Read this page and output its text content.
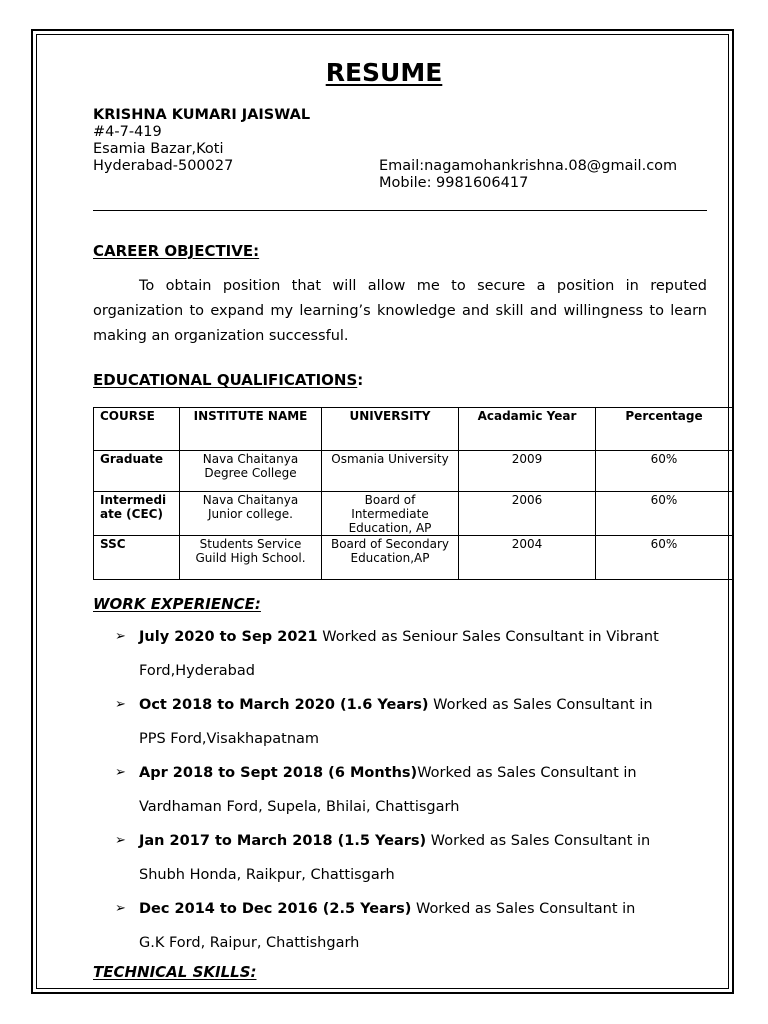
RESUME
KRISHNA KUMARI JAISWAL
#4-7-419
Esamia Bazar,Koti
Hyderabad-500027	Email:nagamohankrishna.08@gmail.com
Mobile: 9981606417
CAREER OBJECTIVE:
To obtain position that will allow me to secure a position in reputed organization to expand my learning’s knowledge and skill and willingness to learn making an organization successful.
EDUCATIONAL QUALIFICATIONS:
COURSE	INSTITUTE NAME	UNIVERSITY	Acadamic Year	Percentage
Graduate	Nava Chaitanya Degree College	Osmania University	2009	60%
Intermediate (CEC)	Nava Chaitanya Junior college.	Board of Intermediate Education, AP	2006	60%
SSC	Students Service Guild High School.	Board of Secondary Education,AP	2004	60%
WORK EXPERIENCE:
➢ July 2020 to Sep 2021 Worked as Seniour Sales Consultant in Vibrant
Ford,Hyderabad
➢ Oct 2018 to March 2020 (1.6 Years) Worked as Sales Consultant in
PPS Ford,Visakhapatnam
➢ Apr 2018 to Sept 2018 (6 Months)Worked as Sales Consultant in
Vardhaman Ford, Supela, Bhilai, Chattisgarh
➢ Jan 2017 to March 2018 (1.5 Years) Worked as Sales Consultant in
Shubh Honda, Raikpur, Chattisgarh
➢ Dec 2014 to Dec 2016 (2.5 Years) Worked as Sales Consultant in
G.K Ford, Raipur, Chattishgarh
TECHNICAL SKILLS:
